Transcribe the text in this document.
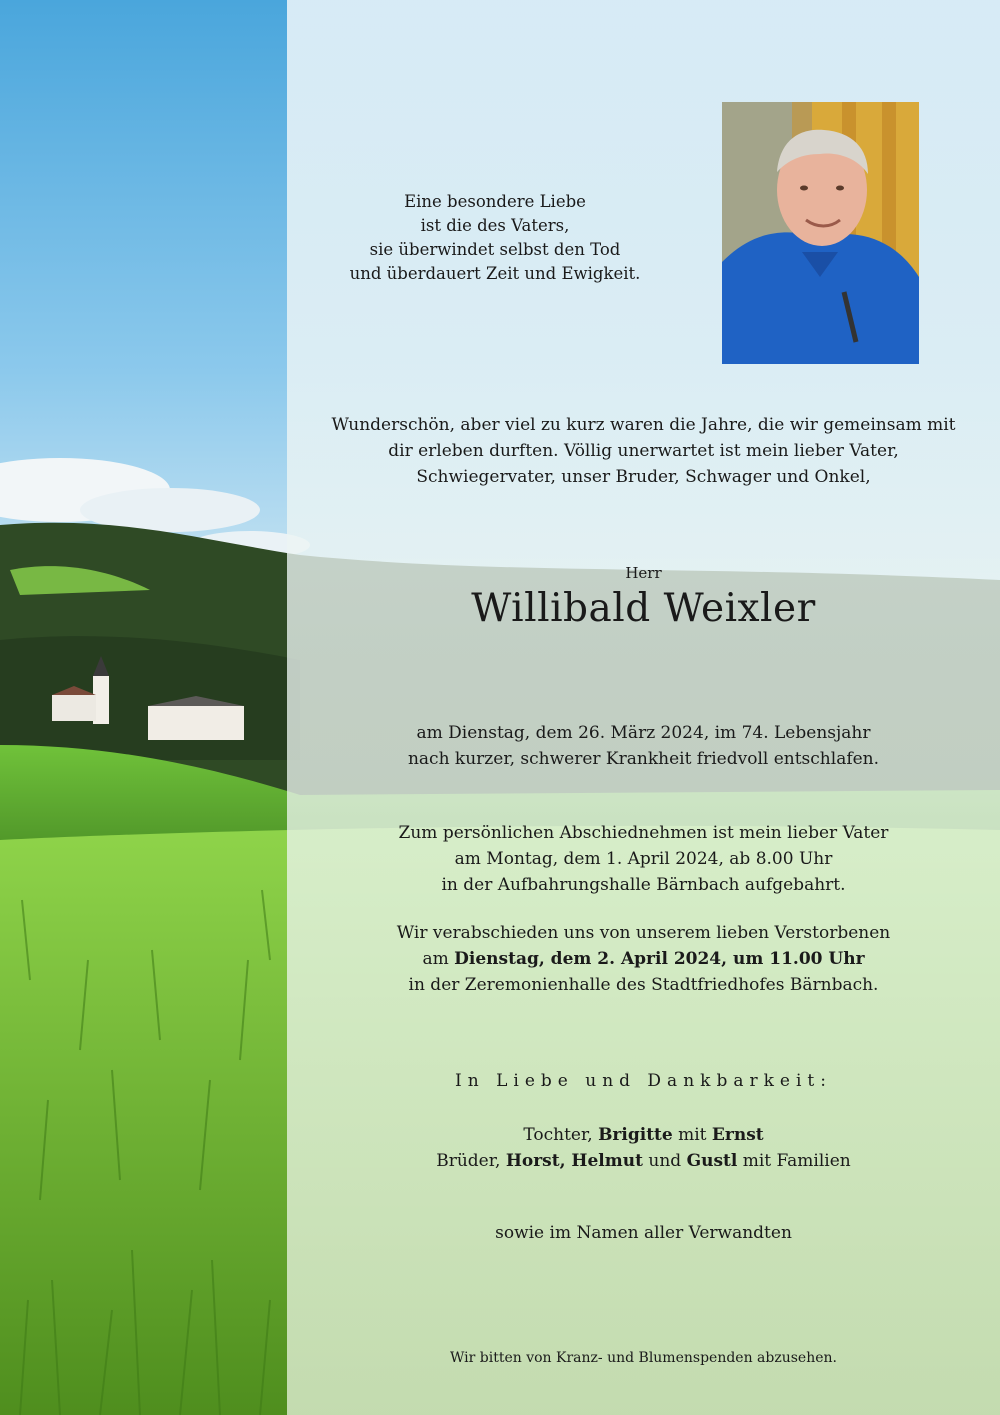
Eine besondere Liebe
ist die des Vaters,
sie überwindet selbst den Tod
und überdauert Zeit und Ewigkeit.
Wunderschön, aber viel zu kurz waren die Jahre, die wir gemeinsam mit
dir erleben durften. Völlig unerwartet ist mein lieber Vater,
Schwiegervater, unser Bruder, Schwager und Onkel,
Herr
Willibald Weixler
am Dienstag, dem 26. März 2024, im 74. Lebensjahr
nach kurzer, schwerer Krankheit friedvoll entschlafen.
Zum persönlichen Abschiednehmen ist mein lieber Vater
am Montag, dem 1. April 2024, ab 8.00 Uhr
in der Aufbahrungshalle Bärnbach aufgebahrt.
Wir verabschieden uns von unserem lieben Verstorbenen
am Dienstag, dem 2. April 2024, um 11.00 Uhr
in der Zeremonienhalle des Stadtfriedhofes Bärnbach.
In Liebe und Dankbarkeit:
Tochter, Brigitte mit Ernst
Brüder, Horst, Helmut und Gustl mit Familien
sowie im Namen aller Verwandten
Wir bitten von Kranz- und Blumenspenden abzusehen.
